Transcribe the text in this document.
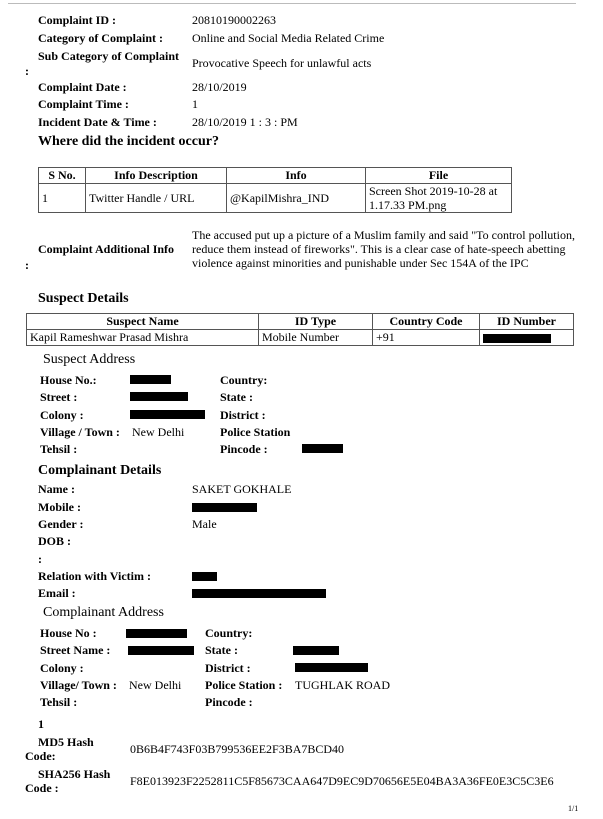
Complaint ID :	20810190002263
Category of Complaint : Online and Social Media Related Crime
Sub Category of Complaint
:
Provocative Speech for unlawful acts
Complaint Date :	28/10/2019
Complaint Time :	1
Incident Date & Time :	28/10/2019 1 : 3 : PM
Where did the incident occur?
S No.	Info Description	Info	File
1	Twitter Handle / URL	@KapilMishra_IND	Screen Shot 2019-10-28 at 1.17.33 PM.png
Complaint Additional Info
:
The accused put up a picture of a Muslim family and said "To control pollution, reduce them instead of fireworks". This is a clear case of hate-speech abetting violence against minorities and punishable under Sec 154A of the IPC
Suspect Details
Suspect Name	ID Type	Country Code	ID Number
Kapil Rameshwar Prasad Mishra	Mobile Number	+91	
Suspect Address
House No.:
Street :
Colony :
Village / Town : New Delhi
Tehsil :
Country:
State :
District :
Police Station
Pincode :
Complainant Details
Name :	SAKET GOKHALE
Mobile :
Gender :	Male
DOB :
:
Relation with Victim :
Email :
Complainant Address
House No :
Street Name :
Colony :
Village/ Town : New Delhi
Tehsil :
Country:
State :
District :
Police Station : TUGHLAK ROAD
Pincode :
1
MD5 Hash
Code:	0B6B4F743F03B799536EE2F3BA7BCD40
SHA256 Hash
Code :	F8E013923F2252811C5F85673CAA647D9EC9D70656E5E04BA3A36FE0E3C5C3E6
1/1
